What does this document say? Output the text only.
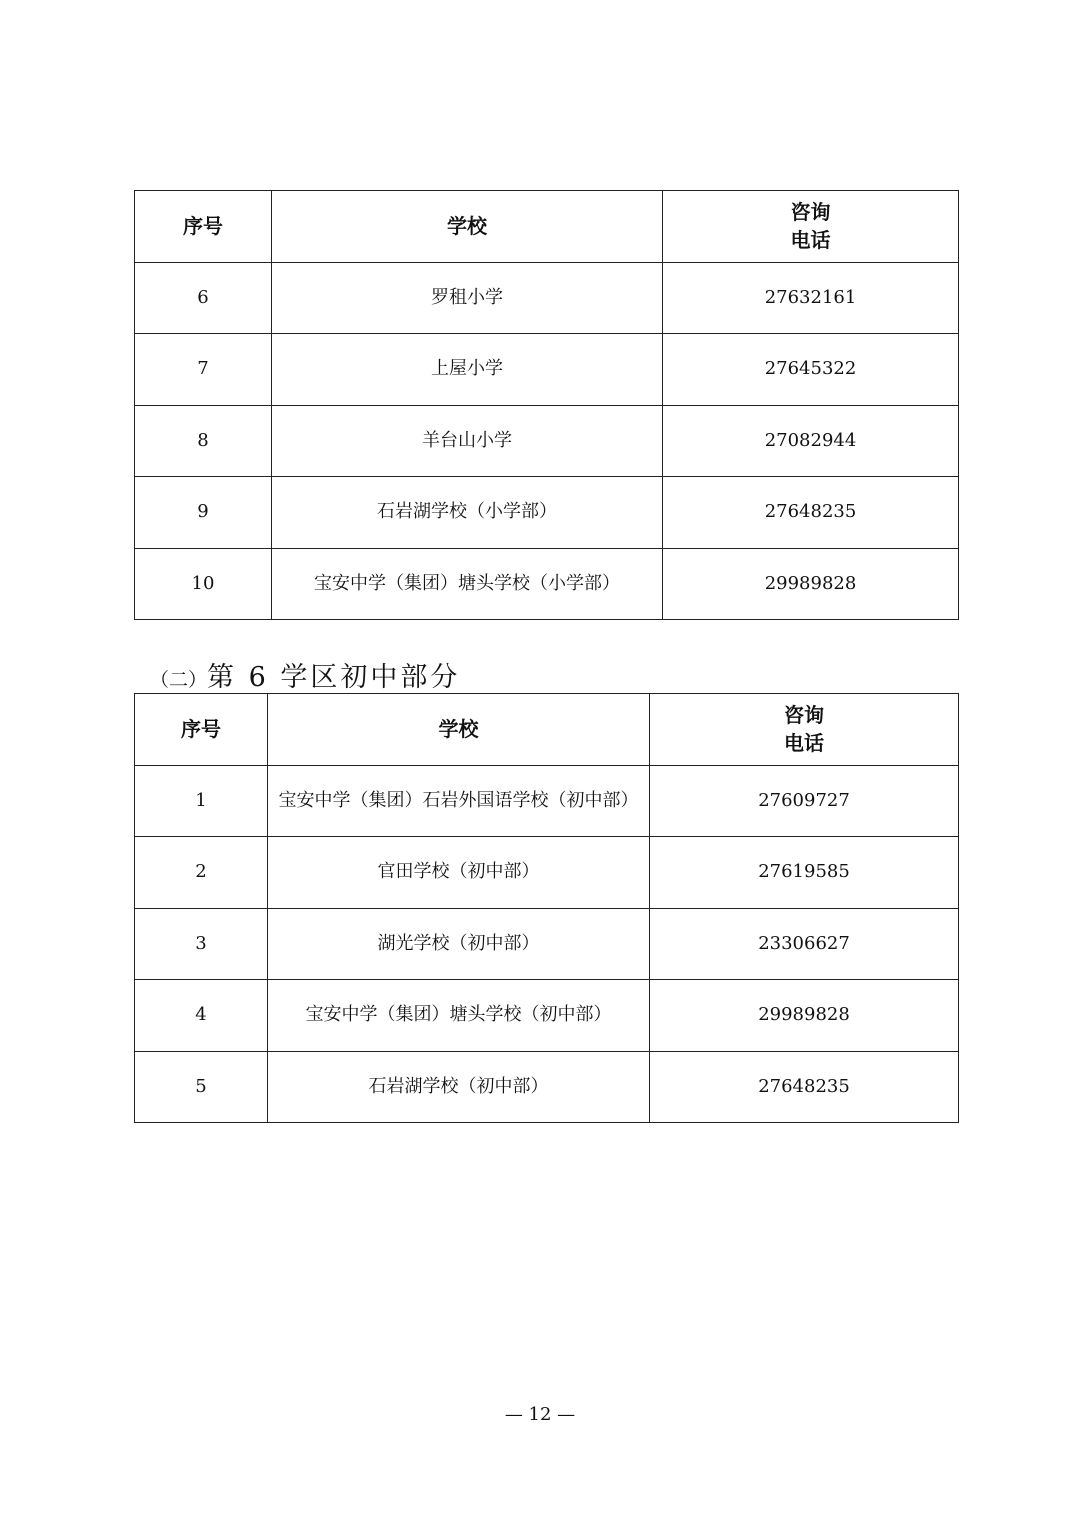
序号	学校	咨询
电话

6	罗租小学	27632161
7	上屋小学	27645322
8	羊台山小学	27082944
9	石岩湖学校（小学部）	27648235
10	宝安中学（集团）塘头学校（小学部）	29989828
（二）第 6 学区初中部分
序号	学校	咨询
电话

1	宝安中学（集团）石岩外国语学校（初中部）	27609727
2	官田学校（初中部）	27619585
3	湖光学校（初中部）	23306627
4	宝安中学（集团）塘头学校（初中部）	29989828
5	石岩湖学校（初中部）	27648235
— 12 —
